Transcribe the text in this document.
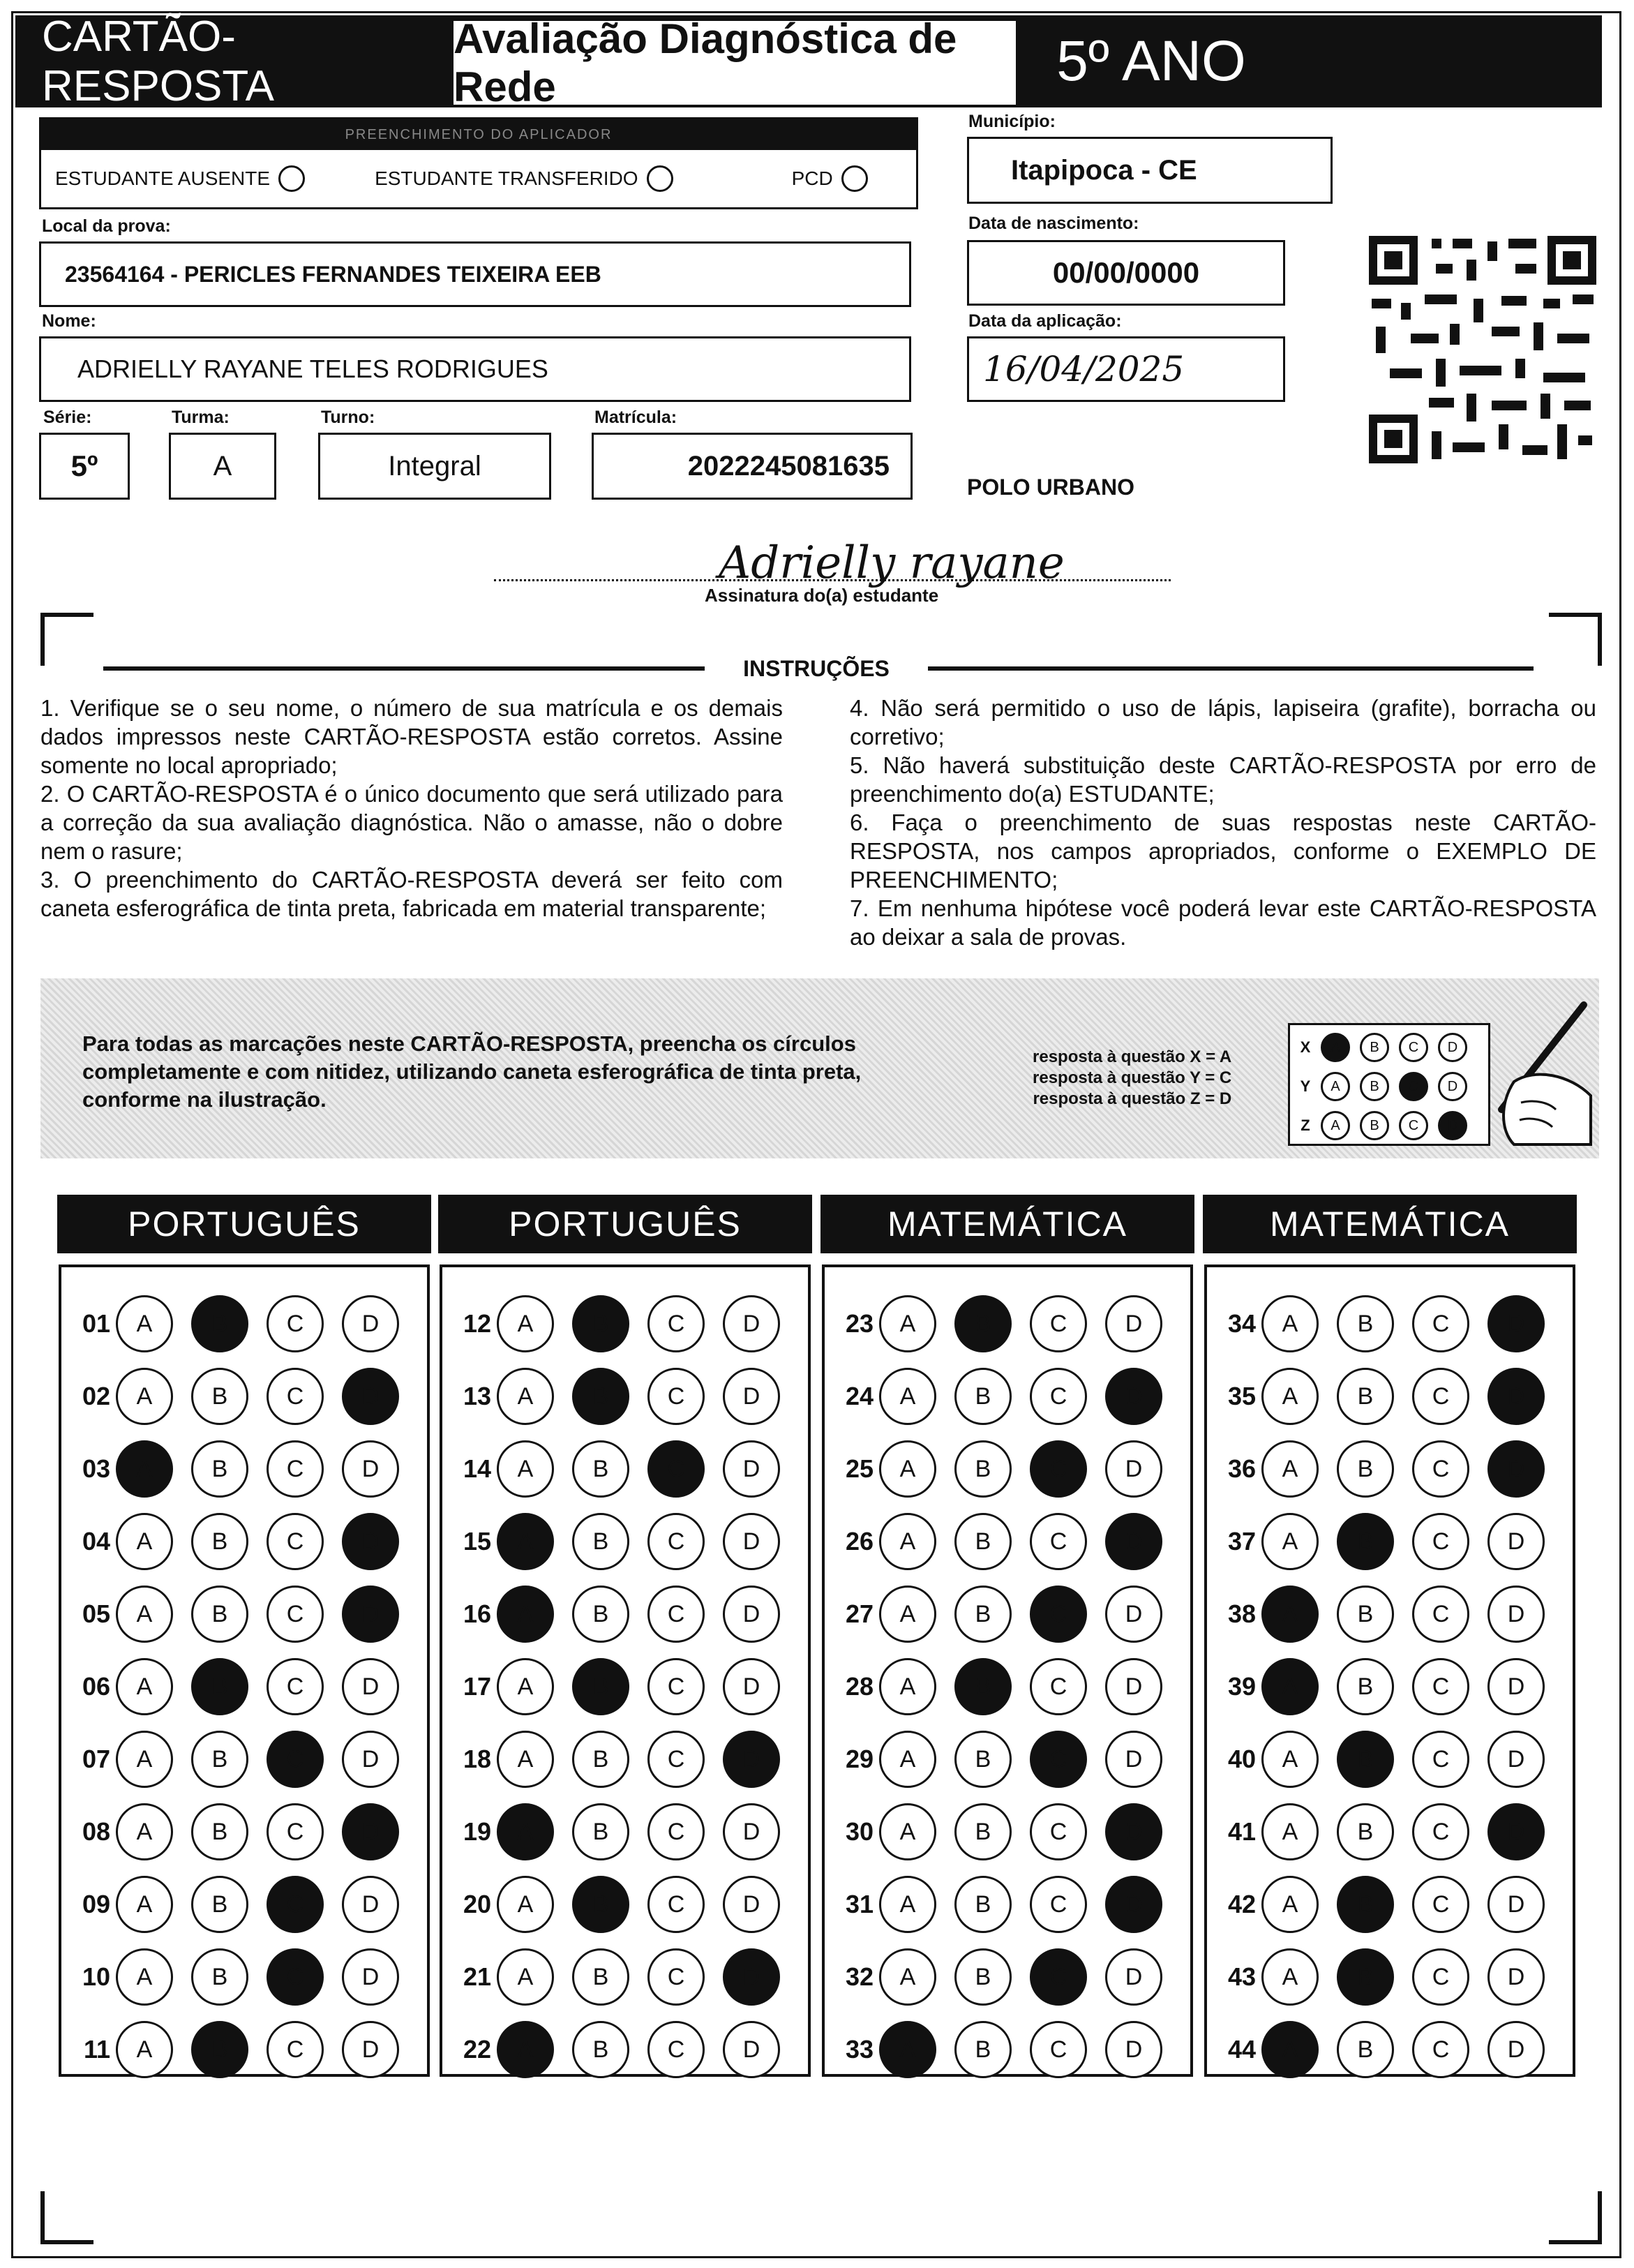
CARTÃO-RESPOSTA
Avaliação Diagnóstica de Rede	5º ANO
PREENCHIMENTO DO APLICADOR
ESTUDANTE AUSENTE	ESTUDANTE TRANSFERIDO	PCD
Município:
Itapipoca - CE
Local da prova:
23564164 - PERICLES FERNANDES TEIXEIRA EEB
Data de nascimento:
00/00/0000
Nome:
ADRIELLY RAYANE TELES RODRIGUES
Data da aplicação:
16/04/2025
Série:
5º
Turma:
A
Turno:
Integral
Matrícula:
2022245081635
POLO URBANO
Adrielly rayane
Assinatura do(a) estudante
INSTRUÇÕES

1. Verifique se o seu nome, o número de sua matrícula e os demais dados impressos neste CARTÃO-RESPOSTA estão corretos. Assine somente no local apropriado;

2. O CARTÃO-RESPOSTA é o único documento que será utilizado para a correção da sua avaliação diagnóstica. Não o amasse, não o dobre nem o rasure;

3. O preenchimento do CARTÃO-RESPOSTA deverá ser feito com caneta esferográfica de tinta preta, fabricada em material transparente;

4. Não será permitido o uso de lápis, lapiseira (grafite), borracha ou corretivo;

5. Não haverá substituição deste CARTÃO-RESPOSTA por erro de preenchimento do(a) ESTUDANTE;

6. Faça o preenchimento de suas respostas neste CARTÃO-RESPOSTA, nos campos apropriados, conforme o EXEMPLO DE PREENCHIMENTO;

7. Em nenhuma hipótese você poderá levar este CARTÃO-RESPOSTA ao deixar a sala de provas.

Para todas as marcações neste CARTÃO-RESPOSTA, preencha os círculos completamente e com nitidez, utilizando caneta esferográfica de tinta preta, conforme na ilustração.
resposta à questão X = A
resposta à questão Y = C
resposta à questão Z = D
X	A	B	C	D
Y	A	B	C	D
Z	A	B	C	D
PORTUGUÊS
01	A	B	C	D
02	A	B	C	D
03	A	B	C	D
04	A	B	C	D
05	A	B	C	D
06	A	B	C	D
07	A	B	C	D
08	A	B	C	D
09	A	B	C	D
10	A	B	C	D
11	A	B	C	D
PORTUGUÊS
12	A	B	C	D
13	A	B	C	D
14	A	B	C	D
15	A	B	C	D
16	A	B	C	D
17	A	B	C	D
18	A	B	C	D
19	A	B	C	D
20	A	B	C	D
21	A	B	C	D
22	A	B	C	D
MATEMÁTICA
23	A	B	C	D
24	A	B	C	D
25	A	B	C	D
26	A	B	C	D
27	A	B	C	D
28	A	B	C	D
29	A	B	C	D
30	A	B	C	D
31	A	B	C	D
32	A	B	C	D
33	A	B	C	D
MATEMÁTICA
34	A	B	C	D
35	A	B	C	D
36	A	B	C	D
37	A	B	C	D
38	A	B	C	D
39	A	B	C	D
40	A	B	C	D
41	A	B	C	D
42	A	B	C	D
43	A	B	C	D
44	A	B	C	D
